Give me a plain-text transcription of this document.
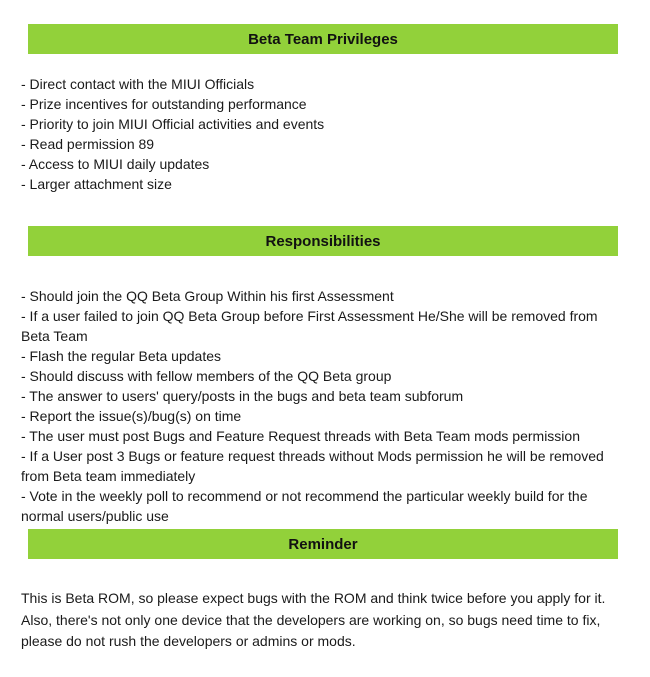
Beta Team Privileges
- Direct contact with the MIUI Officials
- Prize incentives for outstanding performance
- Priority to join MIUI Official activities and events
- Read permission 89
- Access to MIUI daily updates
- Larger attachment size
Responsibilities
- Should join the QQ Beta Group Within his first Assessment
- If a user failed to join QQ Beta Group before First Assessment He/She will be removed from Beta Team
- Flash the regular Beta updates
- Should discuss with fellow members of the QQ Beta group
- The answer to users' query/posts in the bugs and beta team subforum
- Report the issue(s)/bug(s) on time
- The user must post Bugs and Feature Request threads with Beta Team mods permission
- If a User post 3 Bugs or feature request threads without Mods permission he will be removed from Beta team immediately
- Vote in the weekly poll to recommend or not recommend the particular weekly build for the normal users/public use
Reminder

This is Beta ROM, so please expect bugs with the ROM and think twice before you apply for it. Also, there's not only one device that the developers are working on, so bugs need time to fix, please do not rush the developers or admins or mods.
